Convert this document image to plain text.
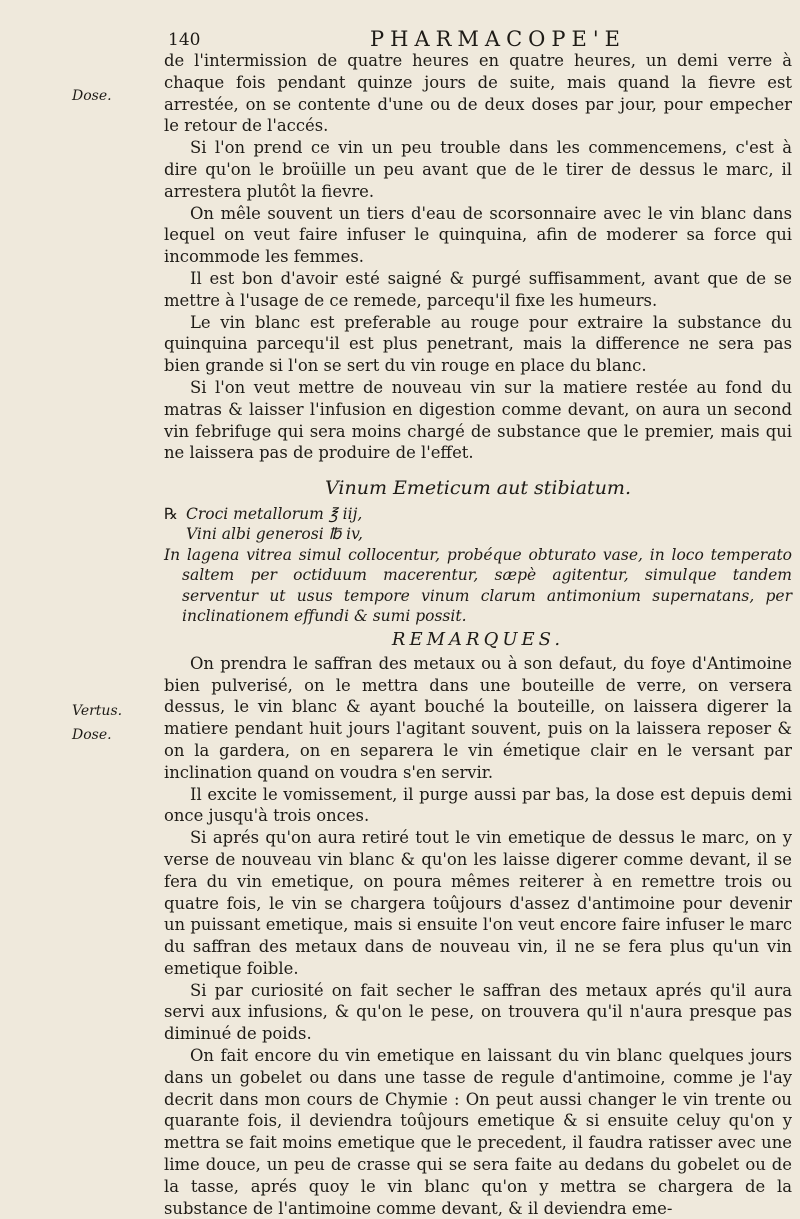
140	PHARMACOPE'E
Dose.
Vertus.
Dose.

de l'intermission de quatre heures en quatre heures, un demi verre à chaque fois pendant quinze jours de suite, mais quand la fievre est arrestée, on se contente d'une ou de deux doses par jour, pour empecher le retour de l'accés.

Si l'on prend ce vin un peu trouble dans les commencemens, c'est à dire qu'on le broüille un peu avant que de le tirer de dessus le marc, il arrestera plutôt la fievre.

On mêle souvent un tiers d'eau de scorsonnaire avec le vin blanc dans lequel on veut faire infuser le quinquina, afin de moderer sa force qui incommode les femmes.

Il est bon d'avoir esté saigné & purgé suffisamment, avant que de se mettre à l'usage de ce remede, parcequ'il fixe les humeurs.

Le vin blanc est preferable au rouge pour extraire la substance du quinquina parcequ'il est plus penetrant, mais la difference ne sera pas bien grande si l'on se sert du vin rouge en place du blanc.

Si l'on veut mettre de nouveau vin sur la matiere restée au fond du matras & laisser l'infusion en digestion comme devant, on aura un second vin febrifuge qui sera moins chargé de substance que le premier, mais qui ne laissera pas de produire de l'effet.

Vinum Emeticum aut stibiatum.
℞ Croci metallorum ℥ iij,
Vini albi generosi ℔ iv,
In lagena vitrea simul collocentur, probéque obturato vase, in loco temperato saltem per octiduum macerentur, sæpè agitentur, simulque tandem serventur ut usus tempore vinum clarum antimonium supernatans, per inclinationem effundi & sumi possit.
REMARQUES.

On prendra le saffran des metaux ou à son defaut, du foye d'Antimoine bien pulverisé, on le mettra dans une bouteille de verre, on versera dessus, le vin blanc & ayant bouché la bouteille, on laissera digerer la matiere pendant huit jours l'agitant souvent, puis on la laissera reposer & on la gardera, on en separera le vin émetique clair en le versant par inclination quand on voudra s'en servir.

Il excite le vomissement, il purge aussi par bas, la dose est depuis demi once jusqu'à trois onces.

Si aprés qu'on aura retiré tout le vin emetique de dessus le marc, on y verse de nouveau vin blanc & qu'on les laisse digerer comme devant, il se fera du vin emetique, on poura mêmes reiterer à en remettre trois ou quatre fois, le vin se chargera toûjours d'assez d'antimoine pour devenir un puissant emetique, mais si ensuite l'on veut encore faire infuser le marc du saffran des metaux dans de nouveau vin, il ne se fera plus qu'un vin emetique foible.

Si par curiosité on fait secher le saffran des metaux aprés qu'il aura servi aux infusions, & qu'on le pese, on trouvera qu'il n'aura presque pas diminué de poids.

On fait encore du vin emetique en laissant du vin blanc quelques jours dans un gobelet ou dans une tasse de regule d'antimoine, comme je l'ay decrit dans mon cours de Chymie : On peut aussi changer le vin trente ou quarante fois, il deviendra toûjours emetique & si ensuite celuy qu'on y mettra se fait moins emetique que le precedent, il faudra ratisser avec une lime douce, un peu de crasse qui se sera faite au dedans du gobelet ou de la tasse, aprés quoy le vin blanc qu'on y mettra se chargera de la substance de l'antimoine comme devant, & il deviendra eme-
